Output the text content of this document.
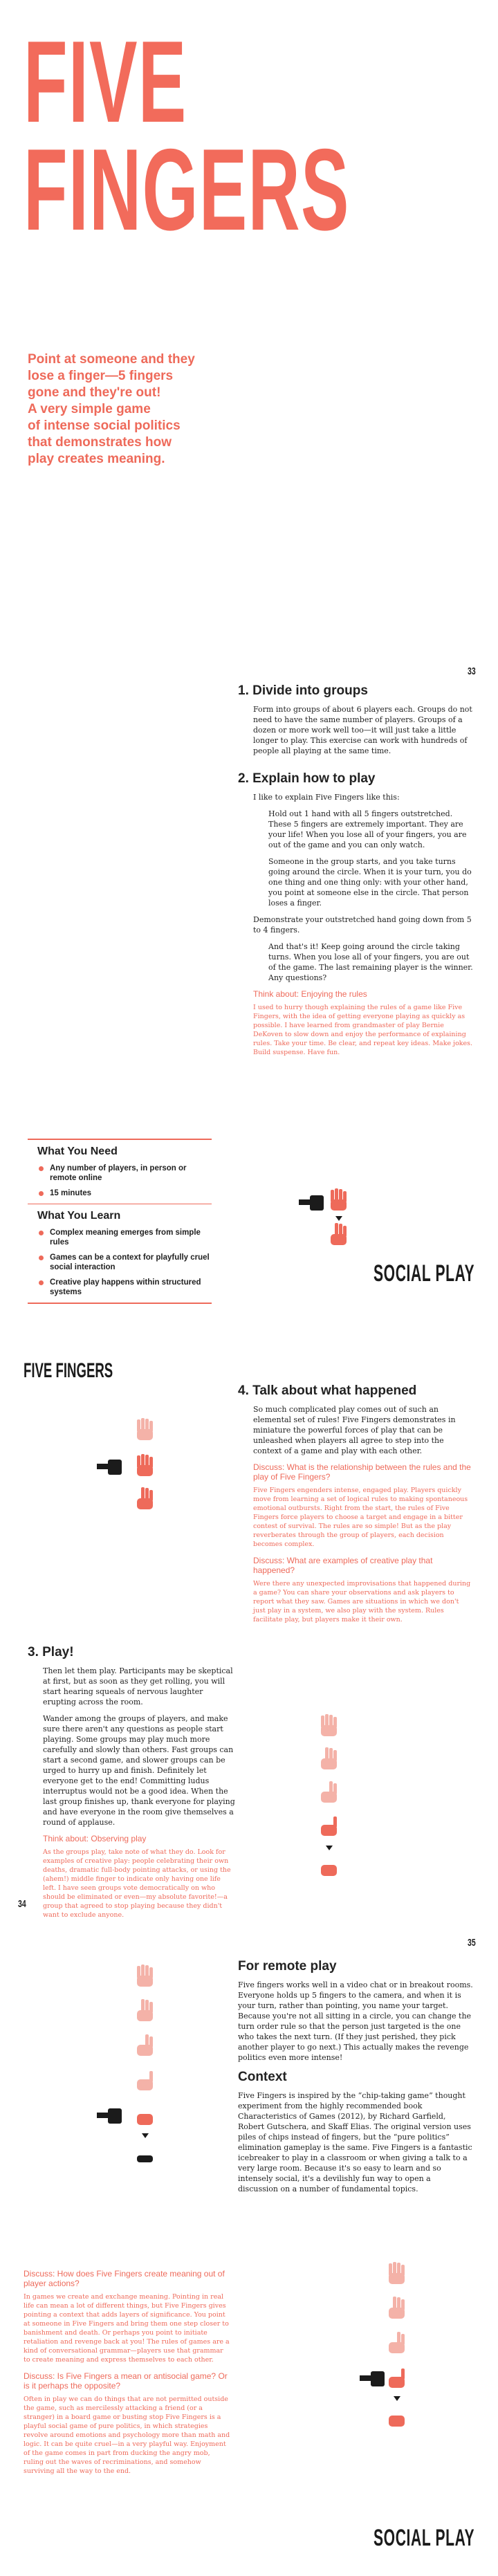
FIVE
FINGERS
Point at someone and they
lose a finger—5 fingers
gone and they're out!
A very simple game
of intense social politics
that demonstrates how
play creates meaning.
33
1. Divide into groups

Form into groups of about 6 players each. Groups do not need to have the same number of players. Groups of a dozen or more work well too—it will just take a little longer to play. This exercise can work with hundreds of people all playing at the same time.

2. Explain how to play

I like to explain Five Fingers like this:

Hold out 1 hand with all 5 fingers outstretched. These 5 fingers are extremely important. They are your life! When you lose all of your fingers, you are out of the game and you can only watch.

Someone in the group starts, and you take turns going around the circle. When it is your turn, you do one thing and one thing only: with your other hand, you point at someone else in the circle. That person loses a finger.

Demonstrate your outstretched hand going down from 5 to 4 fingers.

And that's it! Keep going around the circle taking turns. When you lose all of your fingers, you are out of the game. The last remaining player is the winner. Any questions?

Think about: Enjoying the rules
I used to hurry though explaining the rules of a game like Five Fingers, with the idea of getting everyone playing as quickly as possible. I have learned from grandmaster of play Bernie DeKoven to slow down and enjoy the performance of explaining rules. Take your time. Be clear, and repeat key ideas. Make jokes. Build suspense. Have fun.
What You Need
Any number of players, in person or remote online
15 minutes
What You Learn
Complex meaning emerges from simple rules
Games can be a context for playfully cruel social interaction
Creative play happens within structured systems
SOCIAL PLAY
FIVE FINGERS
4. Talk about what happened

So much complicated play comes out of such an elemental set of rules! Five Fingers demonstrates in miniature the powerful forces of play that can be unleashed when players all agree to step into the context of a game and play with each other.

Discuss: What is the relationship between the rules and the play of Five Fingers?
Five Fingers engenders intense, engaged play. Players quickly move from learning a set of logical rules to making spontaneous emotional outbursts. Right from the start, the rules of Five Fingers force players to choose a target and engage in a bitter contest of survival. The rules are so simple! But as the play reverberates through the group of players, each decision becomes complex.
Discuss: What are examples of creative play that happened?
Were there any unexpected improvisations that happened during a game? You can share your observations and ask players to report what they saw. Games are situations in which we don't just play in a system, we also play with the system. Rules facilitate play, but players make it their own.
3. Play!

Then let them play. Participants may be skeptical at first, but as soon as they get rolling, you will start hearing squeals of nervous laughter erupting across the room.

Wander among the groups of players, and make sure there aren't any questions as people start playing. Some groups may play much more carefully and slowly than others. Fast groups can start a second game, and slower groups can be urged to hurry up and finish. Definitely let everyone get to the end! Committing ludus interruptus would not be a good idea. When the last group finishes up, thank everyone for playing and have everyone in the room give themselves a round of applause.

Think about: Observing play
As the groups play, take note of what they do. Look for examples of creative play: people celebrating their own deaths, dramatic full-body pointing attacks, or using the (ahem!) middle finger to indicate only having one life left. I have seen groups vote democratically on who should be eliminated or even—my absolute favorite!—a group that agreed to stop playing because they didn't want to exclude anyone.
34
35
For remote play

Five fingers works well in a video chat or in breakout rooms. Everyone holds up 5 fingers to the camera, and when it is your turn, rather than pointing, you name your target. Because you're not all sitting in a circle, you can change the turn order rule so that the person just targeted is the one who takes the next turn. (If they just perished, they pick another player to go next.) This actually makes the revenge politics even more intense!

Context

Five Fingers is inspired by the “chip-taking game” thought experiment from the highly recommended book Characteristics of Games (2012), by Richard Garfield, Robert Gutschera, and Skaff Elias. The original version uses piles of chips instead of fingers, but the “pure politics” elimination gameplay is the same. Five Fingers is a fantastic icebreaker to play in a classroom or when giving a talk to a very large room. Because it's so easy to learn and so intensely social, it's a devilishly fun way to open a discussion on a number of fundamental topics.

Discuss: How does Five Fingers create meaning out of player actions?
In games we create and exchange meaning. Pointing in real life can mean a lot of different things, but Five Fingers gives pointing a context that adds layers of significance. You point at someone in Five Fingers and bring them one step closer to banishment and death. Or perhaps you point to initiate retaliation and revenge back at you! The rules of games are a kind of conversational grammar—players use that grammar to create meaning and express themselves to each other.
Discuss: Is Five Fingers a mean or antisocial game? Or is it perhaps the opposite?
Often in play we can do things that are not permitted outside the game, such as mercilessly attacking a friend (or a stranger) in a board game or busting stop Five Fingers is a playful social game of pure politics, in which strategies revolve around emotions and psychology more than math and logic. It can be quite cruel—in a very playful way. Enjoyment of the game comes in part from ducking the angry mob, ruling out the waves of recriminations, and somehow surviving all the way to the end.
SOCIAL PLAY
